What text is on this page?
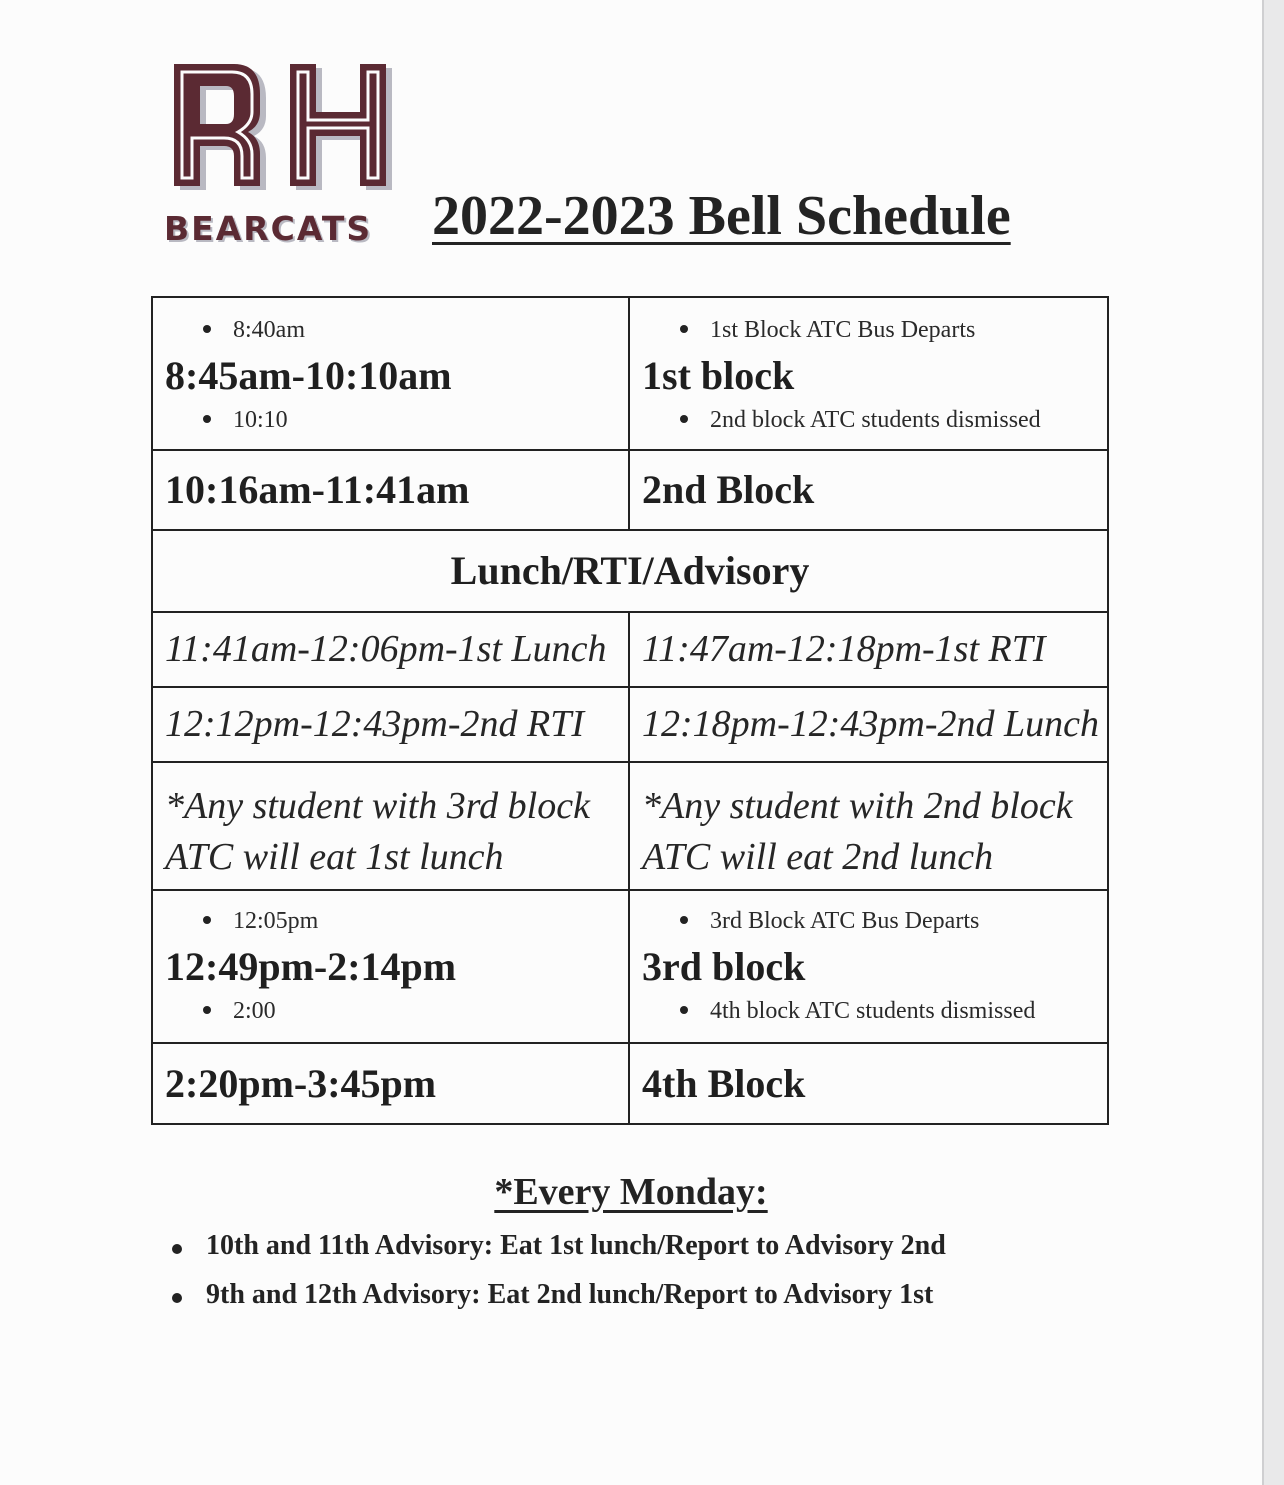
BEARCATS 2022-2023 Bell Schedule
8:40am
8:45am-10:10am
10:10
1st Block ATC Bus Departs
1st block
2nd block ATC students dismissed
10:16am-11:41am	2nd Block
Lunch/RTI/Advisory
11:41am-12:06pm-1st Lunch 11:47am-12:18pm-1st RTI
12:12pm-12:43pm-2nd RTI 12:18pm-12:43pm-2nd Lunch
*Any student with 3rd block
ATC will eat 1st lunch
*Any student with 2nd block
ATC will eat 2nd lunch
12:05pm
12:49pm-2:14pm
2:00
3rd Block ATC Bus Departs
3rd block
4th block ATC students dismissed
2:20pm-3:45pm	4th Block
*Every Monday:
10th and 11th Advisory: Eat 1st lunch/Report to Advisory 2nd
9th and 12th Advisory: Eat 2nd lunch/Report to Advisory 1st
